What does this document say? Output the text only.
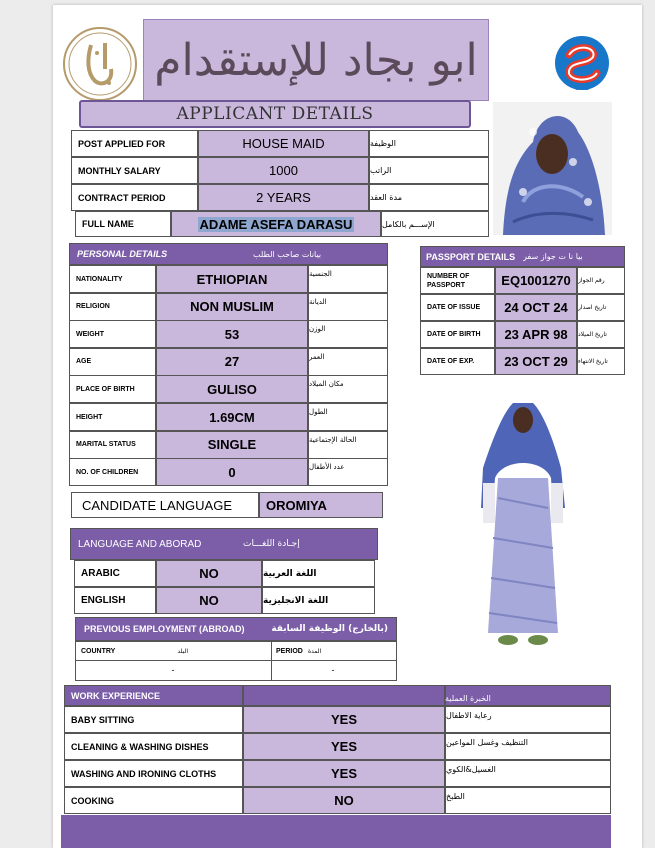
ابو بجاد للإستقدام
SAZ
APPLICANT DETAILS
CANDIDATE LANGUAGE	OROMIYA
PREVIOUS EMPLOYMENT (ABROAD)	(بالخارج) الوظيفة السابقة
COUNTRY	البلد	PERIOD المدة
-	-
POST APPLIED FOR	HOUSE MAID	الوظيفة
MONTHLY SALARY	1000	الراتب
CONTRACT PERIOD	2 YEARS	مدة العقد
FULL NAME	ADAME ASEFA DARASU	الإســـم بالكامل
PERSONAL DETAILS	بيانات صاحب الطلب
NATIONALITY	ETHIOPIAN	الجنسية
RELIGION	NON MUSLIM	الديانة
WEIGHT	53	الوزن
AGE	27	العمر
PLACE OF BIRTH	GULISO	مكان الميلاد
HEIGHT	1.69CM	الطول
MARITAL STATUS	SINGLE	الحالة الإجتماعية
NO. OF CHILDREN	0	عدد الأطفال
PASSPORT DETAILS بيا نا ت جواز سفر
NUMBER OF PASSPORT	EQ1001270	رقم الجواز
DATE OF ISSUE	24 OCT 24	تاريخ اصدار
DATE OF BIRTH	23 APR 98	تاريخ الميلاد
DATE OF EXP.	23 OCT 29	تاريخ الانتهاء
LANGUAGE AND ABORAD	إجـادة اللغـــات
ARABIC	NO	اللغة العربية
ENGLISH	NO	اللغة الانجليزية
WORK EXPERIENCE	الخبرة العملية
BABY SITTING	YES	رعاية الاطفال
CLEANING & WASHING DISHES	YES	التنظيف وغسل المواعين
WASHING AND IRONING CLOTHS	YES	الغسيل&الكوي
COOKING	NO	الطبخ
